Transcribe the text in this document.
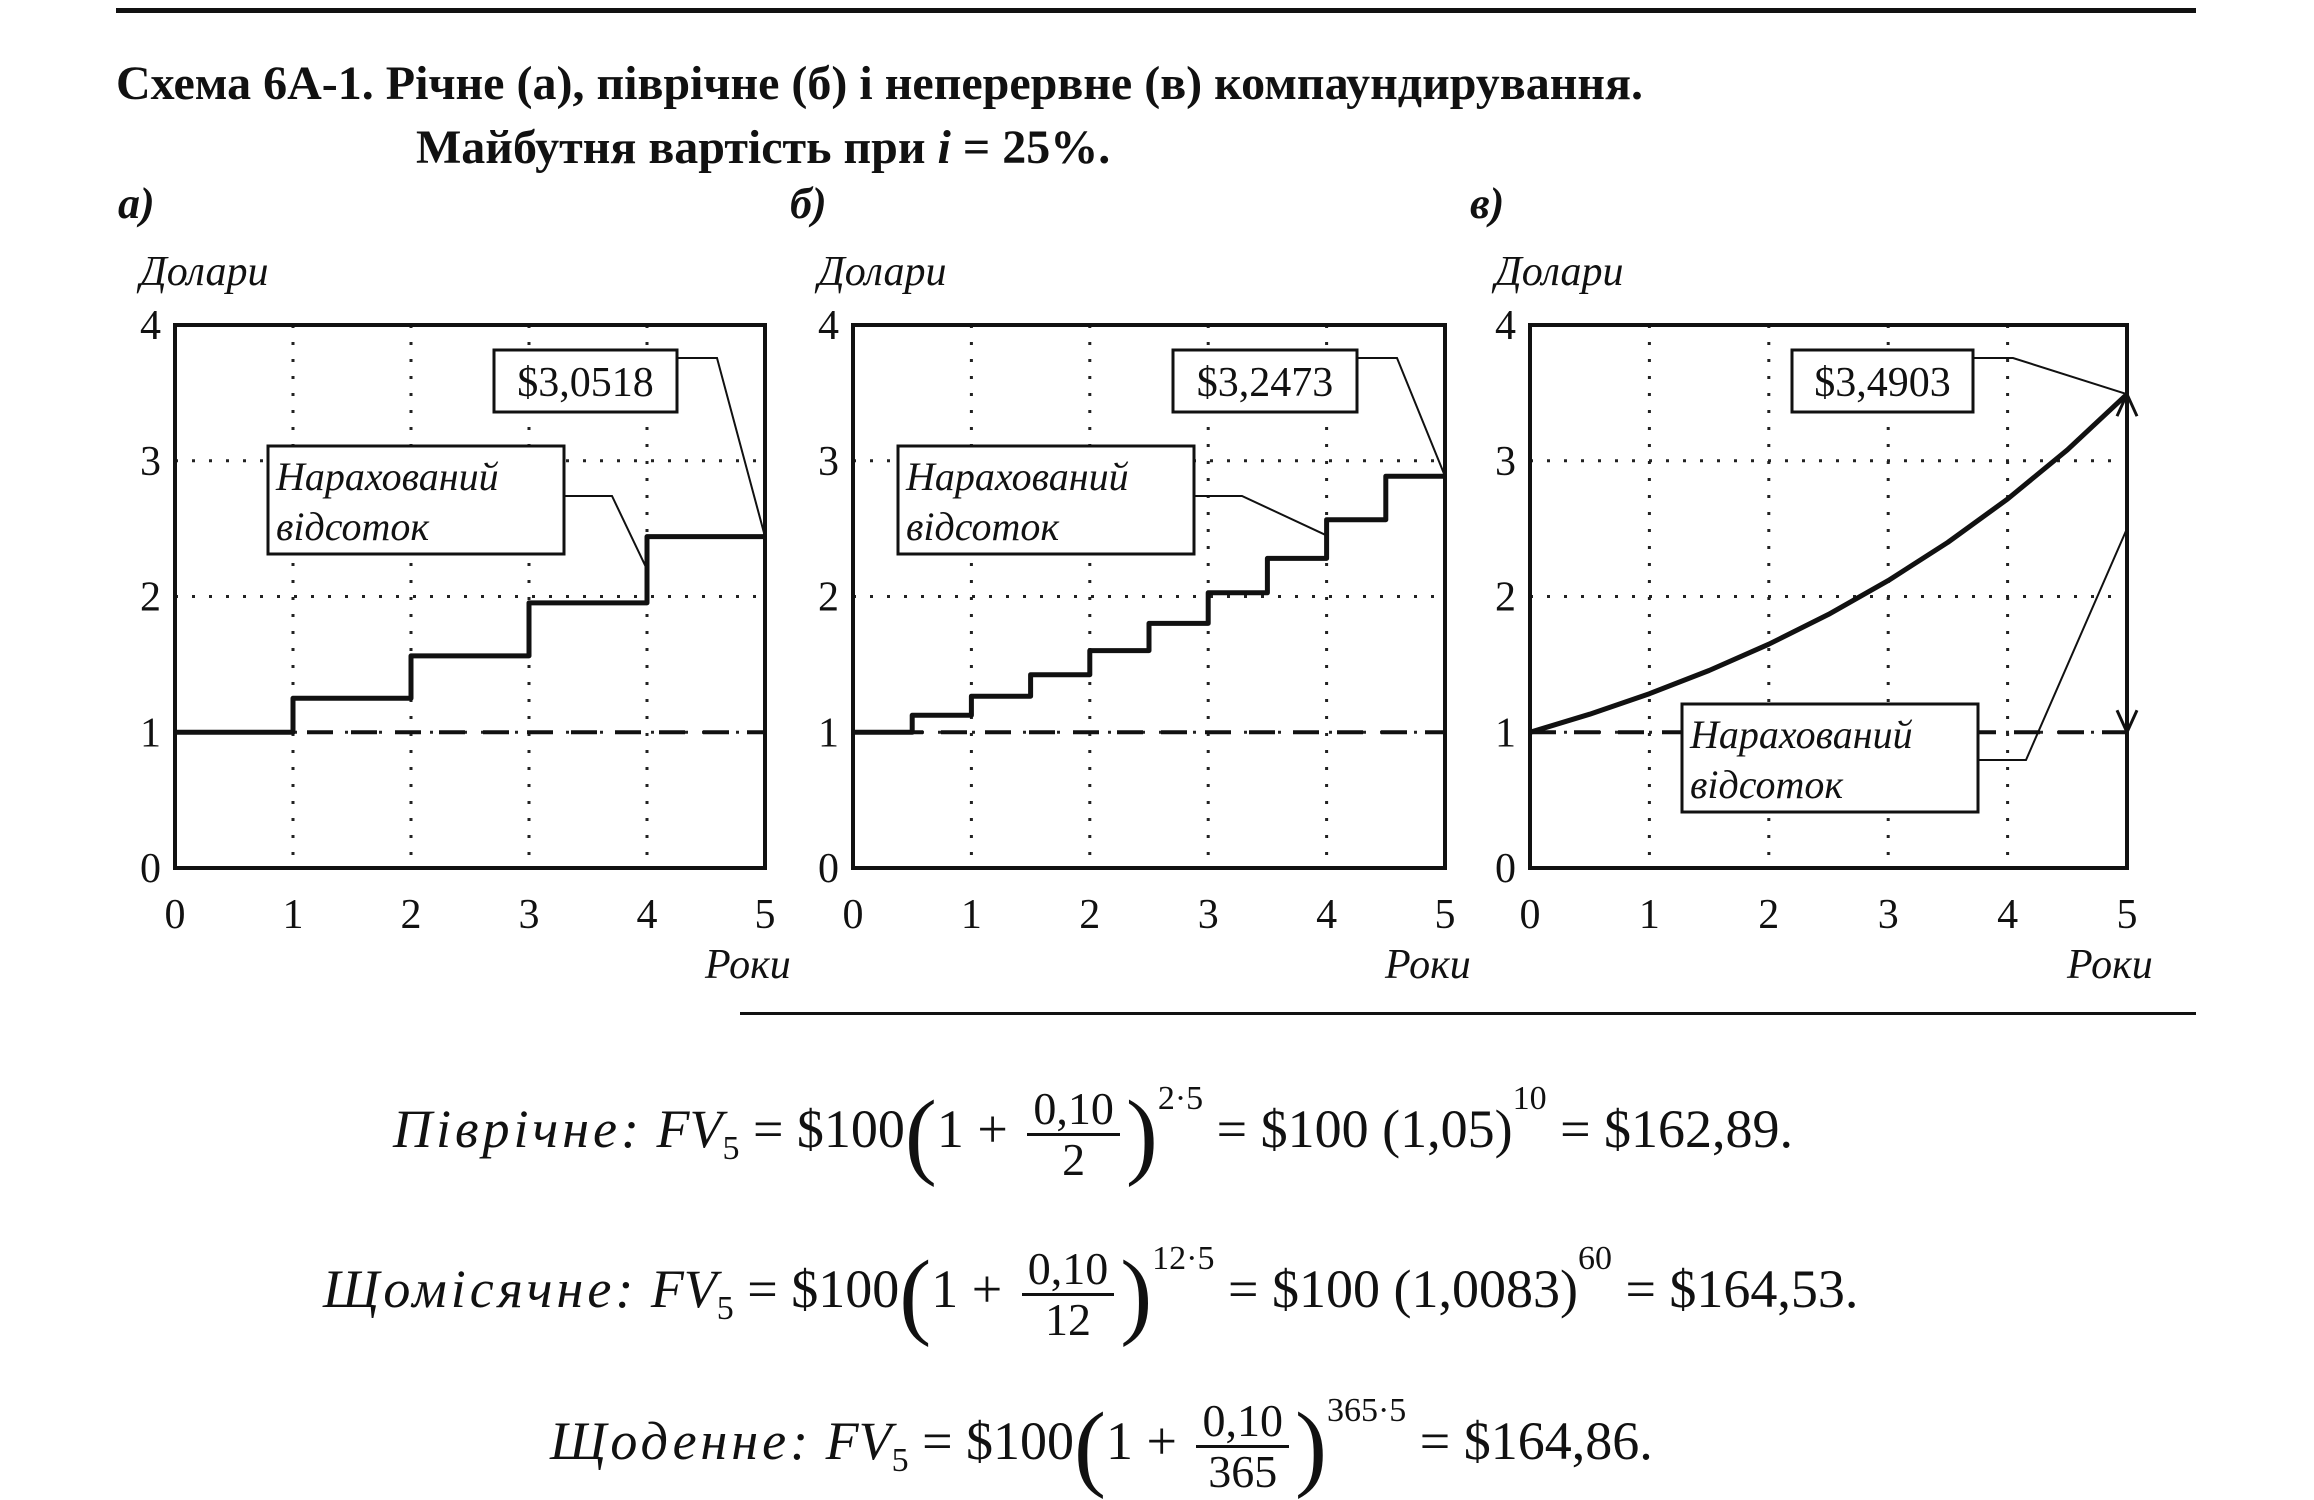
Схема 6А-1. Річне (а), піврічне (б) і неперервне (в) компаундирування.
Майбутня вартість при i = 25%.
0 1 2 3 4 5
0
1
2
3
4
а)
Долари
Роки
$3,0518
Нарахований
відсоток
0 1 2 3 4 5
0
1
2
3
4
б)
Долари
Роки
$3,2473
Нарахований
відсоток
0 1 2 3 4 5
0
1
2
3
4
в)
Долари
Роки
$3,4903
Нарахований
відсоток
Піврічне: $FV_5$ = $100(1 + $\frac{0,10}{2} )^{2\cdot 5}$ = $100 $(1,05)^{10}$ = $162,89.
Щомісячне: $FV_5$ = $100(1 + $\frac{0,10}{12} )^{12\cdot 5}$ = $100 $(1,0083)^{60}$ = $164,53.
Щоденне: $FV_5$ = $100(1 + $\frac{0,10}{365} )^{365\cdot 5}$ = $164,86.
